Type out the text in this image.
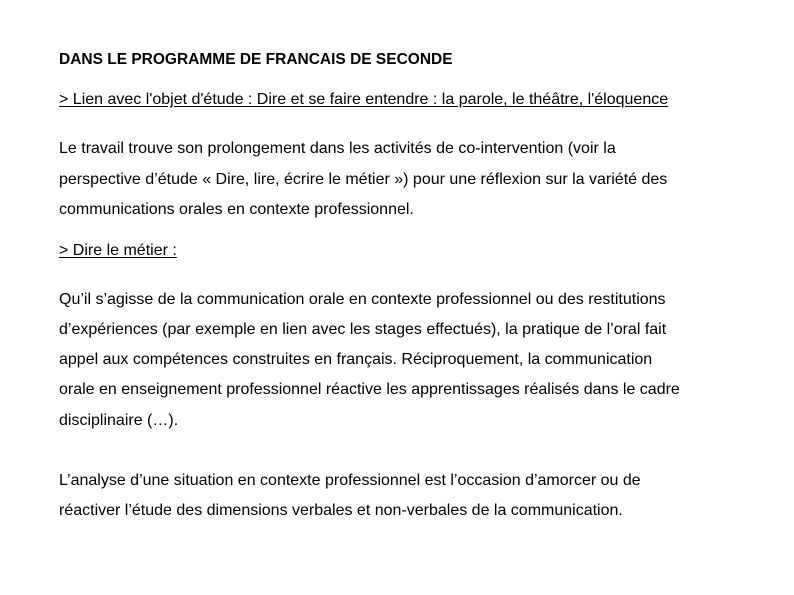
DANS LE PROGRAMME DE FRANCAIS DE SECONDE
> Lien avec l'objet d'étude : Dire et se faire entendre : la parole, le théâtre, l'éloquence
Le travail trouve son prolongement dans les activités de co-intervention (voir la
perspective d’étude « Dire, lire, écrire le métier ») pour une réflexion sur la variété des
communications orales en contexte professionnel.
> Dire le métier :
Qu’il s’agisse de la communication orale en contexte professionnel ou des restitutions
d’expériences (par exemple en lien avec les stages effectués), la pratique de l’oral fait
appel aux compétences construites en français. Réciproquement, la communication
orale en enseignement professionnel réactive les apprentissages réalisés dans le cadre
disciplinaire (…).
L’analyse d’une situation en contexte professionnel est l’occasion d’amorcer ou de
réactiver l’étude des dimensions verbales et non-verbales de la communication.
